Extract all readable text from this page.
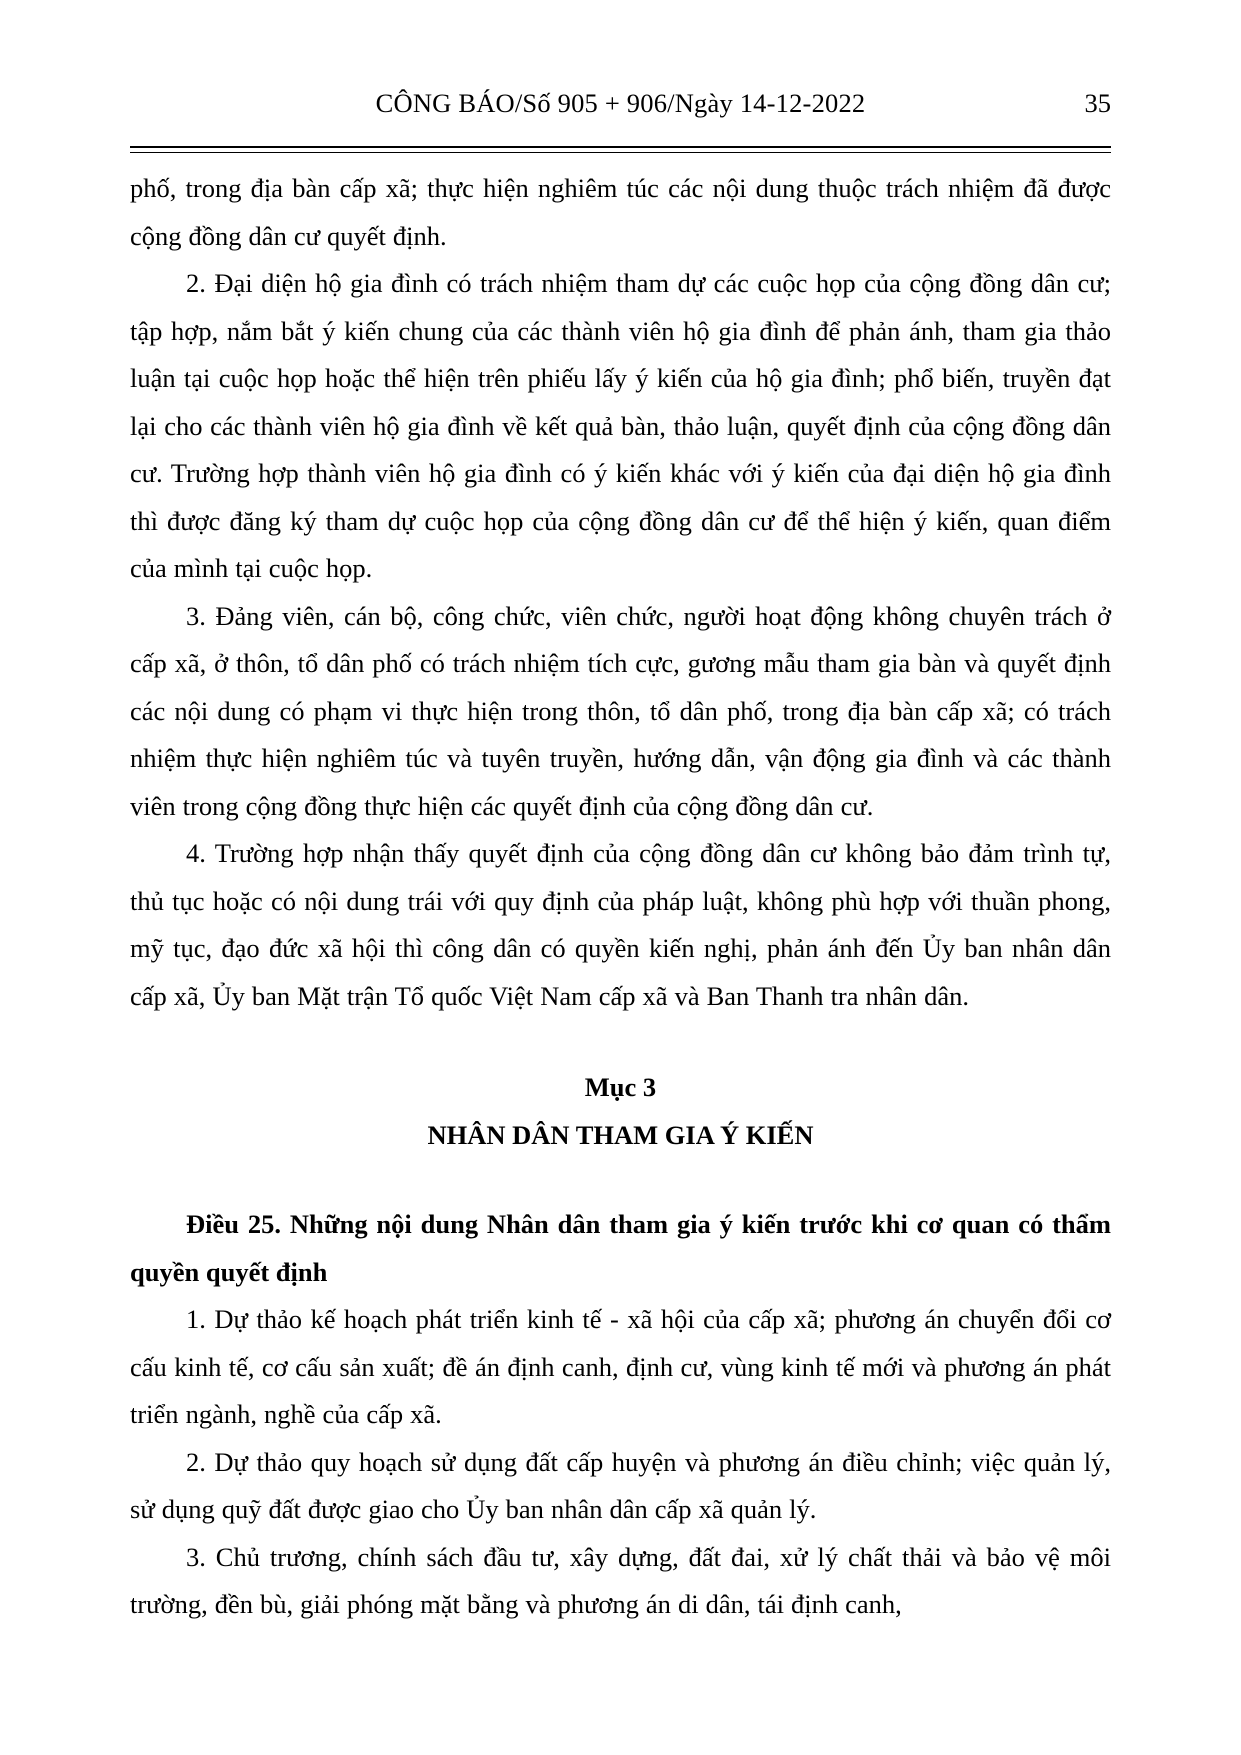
CÔNG BÁO/Số 905 + 906/Ngày 14-12-2022	35

phố, trong địa bàn cấp xã; thực hiện nghiêm túc các nội dung thuộc trách nhiệm đã được cộng đồng dân cư quyết định.

2. Đại diện hộ gia đình có trách nhiệm tham dự các cuộc họp của cộng đồng dân cư; tập hợp, nắm bắt ý kiến chung của các thành viên hộ gia đình để phản ánh, tham gia thảo luận tại cuộc họp hoặc thể hiện trên phiếu lấy ý kiến của hộ gia đình; phổ biến, truyền đạt lại cho các thành viên hộ gia đình về kết quả bàn, thảo luận, quyết định của cộng đồng dân cư. Trường hợp thành viên hộ gia đình có ý kiến khác với ý kiến của đại diện hộ gia đình thì được đăng ký tham dự cuộc họp của cộng đồng dân cư để thể hiện ý kiến, quan điểm của mình tại cuộc họp.

3. Đảng viên, cán bộ, công chức, viên chức, người hoạt động không chuyên trách ở cấp xã, ở thôn, tổ dân phố có trách nhiệm tích cực, gương mẫu tham gia bàn và quyết định các nội dung có phạm vi thực hiện trong thôn, tổ dân phố, trong địa bàn cấp xã; có trách nhiệm thực hiện nghiêm túc và tuyên truyền, hướng dẫn, vận động gia đình và các thành viên trong cộng đồng thực hiện các quyết định của cộng đồng dân cư.

4. Trường hợp nhận thấy quyết định của cộng đồng dân cư không bảo đảm trình tự, thủ tục hoặc có nội dung trái với quy định của pháp luật, không phù hợp với thuần phong, mỹ tục, đạo đức xã hội thì công dân có quyền kiến nghị, phản ánh đến Ủy ban nhân dân cấp xã, Ủy ban Mặt trận Tổ quốc Việt Nam cấp xã và Ban Thanh tra nhân dân.

Mục 3

NHÂN DÂN THAM GIA Ý KIẾN

Điều 25. Những nội dung Nhân dân tham gia ý kiến trước khi cơ quan có thẩm quyền quyết định

1. Dự thảo kế hoạch phát triển kinh tế - xã hội của cấp xã; phương án chuyển đổi cơ cấu kinh tế, cơ cấu sản xuất; đề án định canh, định cư, vùng kinh tế mới và phương án phát triển ngành, nghề của cấp xã.

2. Dự thảo quy hoạch sử dụng đất cấp huyện và phương án điều chỉnh; việc quản lý, sử dụng quỹ đất được giao cho Ủy ban nhân dân cấp xã quản lý.

3. Chủ trương, chính sách đầu tư, xây dựng, đất đai, xử lý chất thải và bảo vệ môi trường, đền bù, giải phóng mặt bằng và phương án di dân, tái định canh,
